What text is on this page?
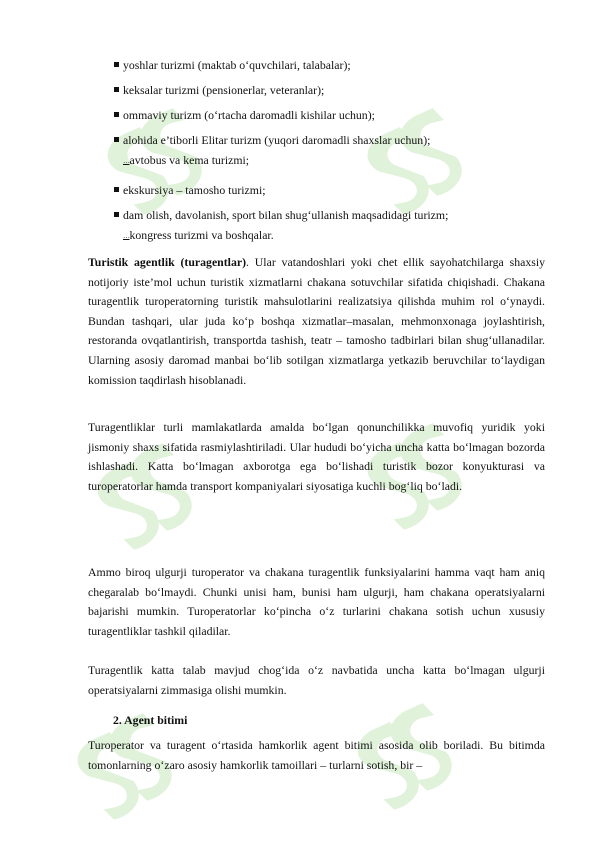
yoshlar turizmi (maktab o‘quvchilari, talabalar);
keksalar turizmi (pensionerlar, veteranlar);
ommaviy turizm (o‘rtacha daromadli kishilar uchun);
alohida e’tiborli Elitar turizm (yuqori daromadli shaxslar uchun);
…avtobus va kema turizmi;
ekskursiya – tamosho turizmi;
dam olish, davolanish, sport bilan shug‘ullanish maqsadidagi turizm;
…kongress turizmi va boshqalar.
Turistik agentlik (turagentlar). Ular vatandoshlari yoki chet ellik sayohatchilarga shaxsiy notijoriy iste’mol uchun turistik xizmatlarni chakana sotuvchilar sifatida chiqishadi. Chakana turagentlik turoperatorning turistik mahsulotlarini realizatsiya qilishda muhim rol o‘ynaydi. Bundan tashqari, ular juda ko‘p boshqa xizmatlar–masalan, mehmonxonaga joylashtirish, restoranda ovqatlantirish, transportda tashish, teatr – tamosho tadbirlari bilan shug‘ullanadilar. Ularning asosiy daromad manbai bo‘lib sotilgan xizmatlarga yetkazib beruvchilar to‘laydigan komission taqdirlash hisoblanadi.
Turagentliklar turli mamlakatlarda amalda bo‘lgan qonunchilikka muvofiq yuridik yoki jismoniy shaxs sifatida rasmiylashtiriladi. Ular hududi bo‘yicha uncha katta bo‘lmagan bozorda ishlashadi. Katta bo‘lmagan axborotga ega bo‘lishadi turistik bozor konyukturasi va turoperatorlar hamda transport kompaniyalari siyosatiga kuchli bog‘liq bo‘ladi.
Ammo biroq ulgurji turoperator va chakana turagentlik funksiyalarini hamma vaqt ham aniq chegaralab bo‘lmaydi. Chunki unisi ham, bunisi ham ulgurji, ham chakana operatsiyalarni bajarishi mumkin. Turoperatorlar ko‘pincha o‘z turlarini chakana sotish uchun xususiy turagentliklar tashkil qiladilar.
Turagentlik katta talab mavjud chog‘ida o‘z navbatida uncha katta bo‘lmagan ulgurji operatsiyalarni zimmasiga olishi mumkin.
2. Agent bitimi
Turoperator va turagent o‘rtasida hamkorlik agent bitimi asosida olib boriladi. Bu bitimda tomonlarning o‘zaro asosiy hamkorlik tamoillari – turlarni sotish, bir –
